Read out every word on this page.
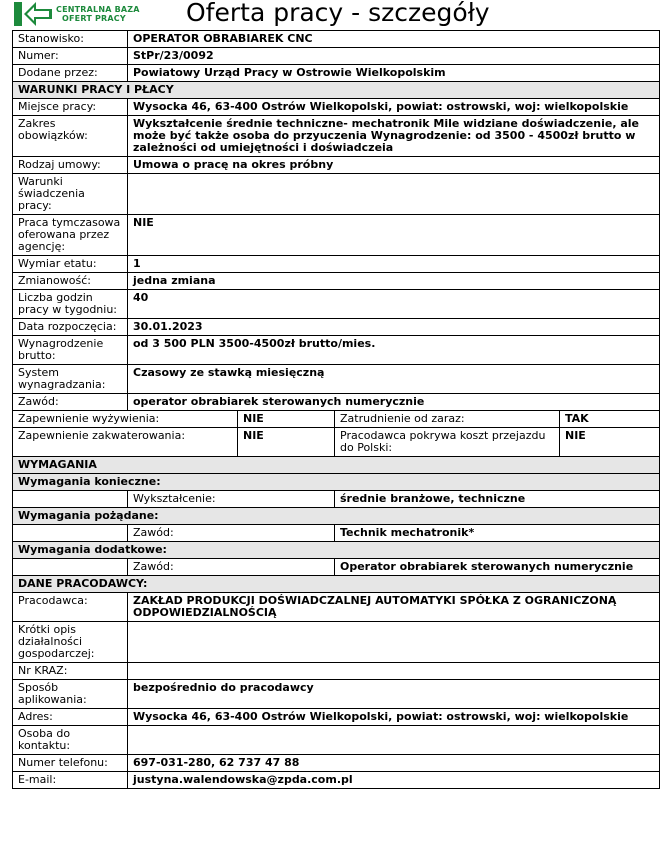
CENTRALNA BAZA
OFERT PRACY	Oferta pracy - szczegóły
Stanowisko:	OPERATOR OBRABIAREK CNC			
Numer:	StPr/23/0092			
Dodane przez:	Powiatowy Urząd Pracy w Ostrowie Wielkopolskim			
WARUNKI PRACY I PŁACY				
Miejsce pracy:	Wysocka 46, 63-400 Ostrów Wielkopolski, powiat: ostrowski, woj: wielkopolskie			
Zakres obowiązków:	Wykształcenie średnie techniczne- mechatronik Mile widziane doświadczenie, ale może być także osoba do przyuczenia Wynagrodzenie: od 3500 - 4500zł brutto w zależności od umiejętności i doświadczeia			
Rodzaj umowy:	Umowa o pracę na okres próbny			
Warunki świadczenia pracy:				
Praca tymczasowa oferowana przez agencję:	NIE			
Wymiar etatu:	1			
Zmianowość:	jedna zmiana			
Liczba godzin pracy w tygodniu:	40			
Data rozpoczęcia:	30.01.2023			
Wynagrodzenie brutto:	od 3 500 PLN 3500-4500zł brutto/mies.			
System wynagradzania:	Czasowy ze stawką miesięczną			
Zawód:	operator obrabiarek sterowanych numerycznie			
Zapewnienie wyżywienia:		NIE	Zatrudnienie od zaraz:	TAK
Zapewnienie zakwaterowania:		NIE	Pracodawca pokrywa koszt przejazdu do Polski:	NIE
WYMAGANIA				
Wymagania konieczne:				
	Wykształcenie:		średnie branżowe, techniczne	
Wymagania pożądane:				
	Zawód:		Technik mechatronik*	
Wymagania dodatkowe:				
	Zawód:		Operator obrabiarek sterowanych numerycznie	
DANE PRACODAWCY:				
Pracodawca:	ZAKŁAD PRODUKCJI DOŚWIADCZALNEJ AUTOMATYKI SPÓŁKA Z OGRANICZONĄ ODPOWIEDZIALNOŚCIĄ			
Krótki opis działalności gospodarczej:				
Nr KRAZ:				
Sposób aplikowania:	bezpośrednio do pracodawcy			
Adres:	Wysocka 46, 63-400 Ostrów Wielkopolski, powiat: ostrowski, woj: wielkopolskie			
Osoba do kontaktu:				
Numer telefonu:	697-031-280, 62 737 47 88			
E-mail:	justyna.walendowska@zpda.com.pl			
